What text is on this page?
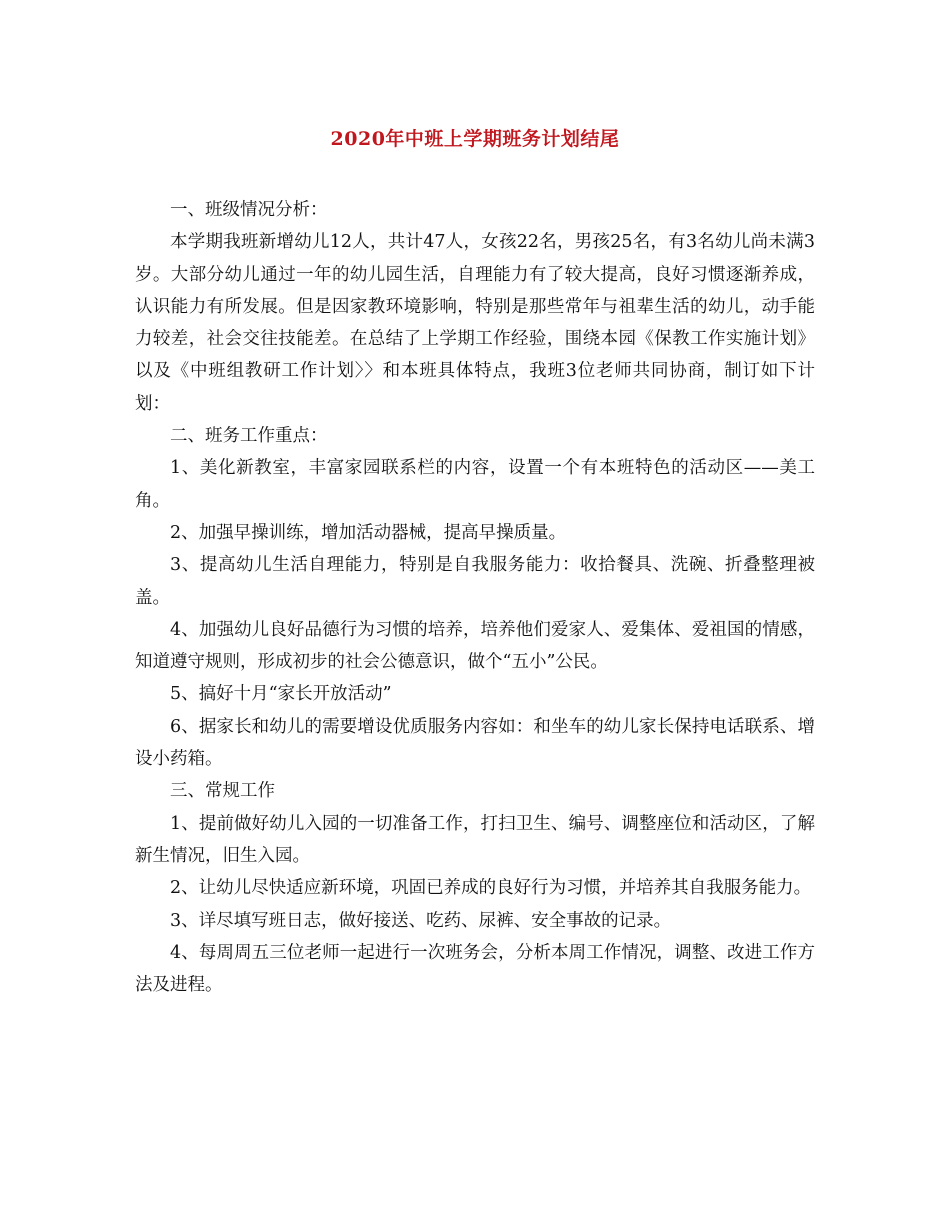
2020年中班上学期班务计划结尾

一、班级情况分析：

本学期我班新增幼儿12人，共计47人，女孩22名，男孩25名，有3名幼儿尚未满3岁。大部分幼儿通过一年的幼儿园生活，自理能力有了较大提高，良好习惯逐渐养成，认识能力有所发展。但是因家教环境影响，特别是那些常年与祖辈生活的幼儿，动手能力较差，社会交往技能差。在总结了上学期工作经验，围绕本园《保教工作实施计划》以及《中班组教研工作计划〉〉和本班具体特点，我班3位老师共同协商，制订如下计划：

二、班务工作重点：

1、美化新教室，丰富家园联系栏的内容，设置一个有本班特色的活动区——美工角。

2、加强早操训练，增加活动器械，提高早操质量。

3、提高幼儿生活自理能力，特别是自我服务能力：收拾餐具、洗碗、折叠整理被盖。

4、加强幼儿良好品德行为习惯的培养，培养他们爱家人、爱集体、爱祖国的情感，知道遵守规则，形成初步的社会公德意识，做个“五小”公民。

5、搞好十月“家长开放活动”

6、据家长和幼儿的需要增设优质服务内容如：和坐车的幼儿家长保持电话联系、增设小药箱。

三、常规工作

1、提前做好幼儿入园的一切准备工作，打扫卫生、编号、调整座位和活动区，了解新生情况，旧生入园。

2、让幼儿尽快适应新环境，巩固已养成的良好行为习惯，并培养其自我服务能力。

3、详尽填写班日志，做好接送、吃药、尿裤、安全事故的记录。

4、每周周五三位老师一起进行一次班务会，分析本周工作情况，调整、改进工作方法及进程。
